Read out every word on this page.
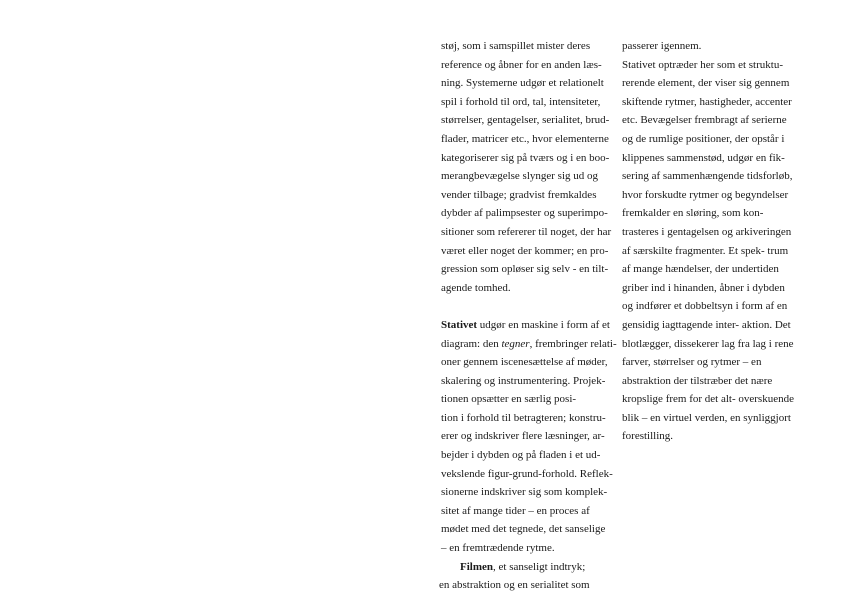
støj, som i samspillet mister deres
reference og åbner for en anden læs-
ning. Systemerne udgør et relationelt
spil i forhold til ord, tal, intensiteter,
størrelser, gentagelser, serialitet, brud-
flader, matricer etc., hvor elementerne
kategoriserer sig på tværs og i en boo-
merangbevægelse slynger sig ud og
vender tilbage; gradvist fremkaldes
dybder af palimpsester og superimpo-
sitioner som refererer til noget, der har
været eller noget der kommer; en pro-
gression som opløser sig selv - en tilt-
agende tomhed.
Stativet udgør en maskine i form af et
diagram: den tegner, frembringer relati-
oner gennem iscenesættelse af møder,
skalering og instrumentering. Projek-
tionen opsætter en særlig posi-
tion i forhold til betragteren; konstru-
erer og indskriver flere læsninger, ar-
bejder i dybden og på fladen i et ud-
vekslende figur-grund-forhold. Reflek-
sionerne indskriver sig som komplek-
sitet af mange tider – en proces af
mødet med det tegnede, det sanselige
– en fremtrædende rytme.
Filmen, et sanseligt indtryk;
en abstraktion og en serialitet som
passerer igennem.
Stativet optræder her som et struktu-
rerende element, der viser sig gennem
skiftende rytmer, hastigheder, accenter
etc. Bevægelser frembragt af serierne
og de rumlige positioner, der opstår i
klippenes sammenstød, udgør en fik-
sering af sammenhængende tidsforløb,
hvor forskudte rytmer og begyndelser
fremkalder en sløring, som kon-
trasteres i gentagelsen og arkiveringen
af særskilte fragmenter. Et spek- trum
af mange hændelser, der undertiden
griber ind i hinanden, åbner i dybden
og indfører et dobbeltsyn i form af en
gensidig iagttagende inter- aktion. Det
blotlægger, dissekerer lag fra lag i rene
farver, størrelser og rytmer – en
abstraktion der tilstræber det nære
kropslige frem for det alt- overskuende
blik – en virtuel verden, en synliggjort
forestilling.
